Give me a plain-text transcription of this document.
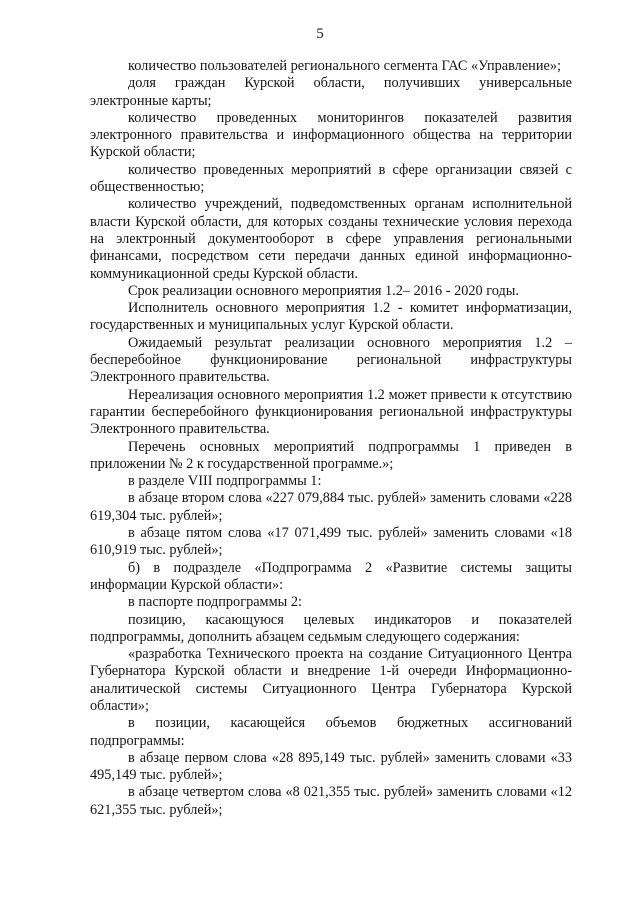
5

количество пользователей регионального сегмента ГАС «Управление»;

доля граждан Курской области, получивших универсальные электронные карты;

количество проведенных мониторингов показателей развития электронного правительства и информационного общества на территории Курской области;

количество проведенных мероприятий в сфере организации связей с общественностью;

количество учреждений, подведомственных органам исполнительной власти Курской области, для которых созданы технические условия перехода на электронный документооборот в сфере управления региональными финансами, посредством сети передачи данных единой информационно-коммуникационной среды Курской области.

Срок реализации основного мероприятия 1.2– 2016 - 2020 годы.

Исполнитель основного мероприятия 1.2 - комитет информатизации, государственных и муниципальных услуг Курской области.

Ожидаемый результат реализации основного мероприятия 1.2 – бесперебойное функционирование региональной инфраструктуры Электронного правительства.

Нереализация основного мероприятия 1.2 может привести к отсутствию гарантии бесперебойного функционирования региональной инфраструктуры Электронного правительства.

Перечень основных мероприятий подпрограммы 1 приведен в приложении № 2 к государственной программе.»;

в разделе VIII подпрограммы 1:

в абзаце втором слова «227 079,884 тыс. рублей» заменить словами «228 619,304 тыс. рублей»;

в абзаце пятом слова «17 071,499 тыс. рублей» заменить словами «18 610,919 тыс. рублей»;

б) в подразделе «Подпрограмма 2 «Развитие системы защиты информации Курской области»:

в паспорте подпрограммы 2:

позицию, касающуюся целевых индикаторов и показателей подпрограммы, дополнить абзацем седьмым следующего содержания:

«разработка Технического проекта на создание Ситуационного Центра Губернатора Курской области и внедрение 1-й очереди Информационно-аналитической системы Ситуационного Центра Губернатора Курской области»;

в позиции, касающейся объемов бюджетных ассигнований подпрограммы:

в абзаце первом слова «28 895,149 тыс. рублей» заменить словами «33 495,149 тыс. рублей»;

в абзаце четвертом слова «8 021,355 тыс. рублей» заменить словами «12 621,355 тыс. рублей»;
